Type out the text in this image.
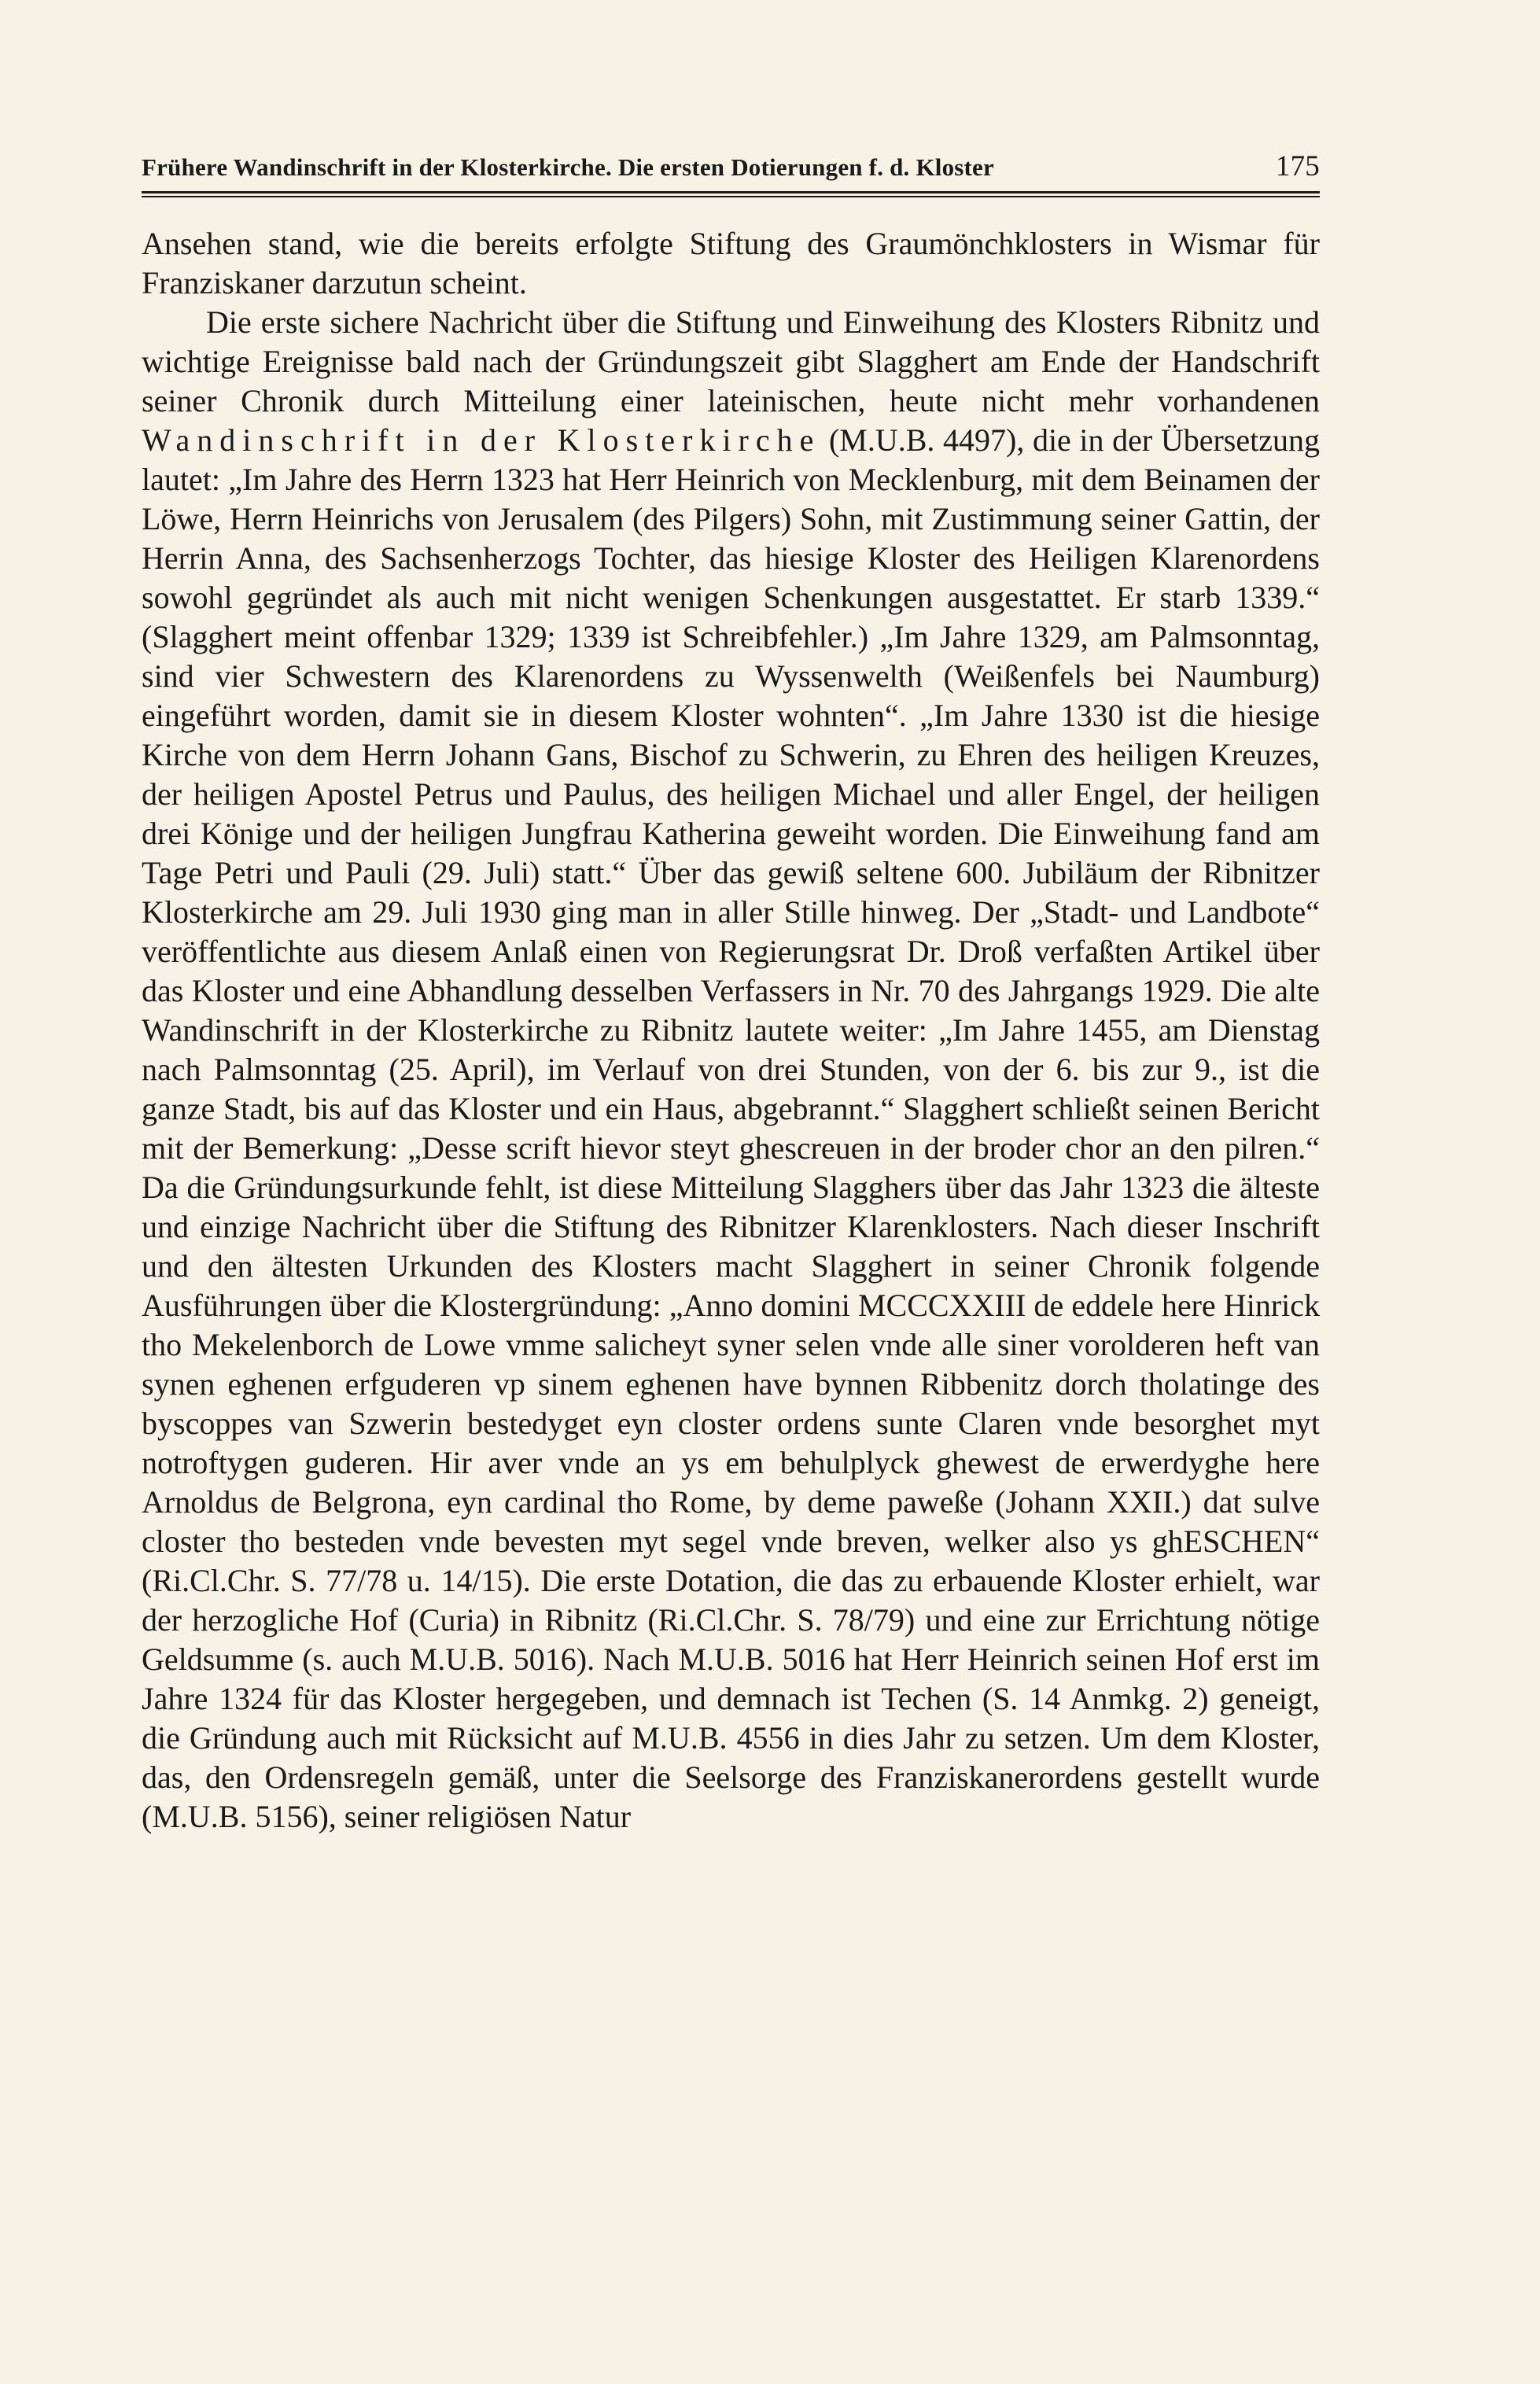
Frühere Wandinschrift in der Klosterkirche. Die ersten Dotierungen f. d. Kloster	175

Ansehen stand, wie die bereits erfolgte Stiftung des Graumönchklosters in Wismar für Franziskaner darzutun scheint.

Die erste sichere Nachricht über die Stiftung und Einweihung des Klosters Ribnitz und wichtige Ereignisse bald nach der Gründungszeit gibt Slagghert am Ende der Handschrift seiner Chronik durch Mitteilung einer lateinischen, heute nicht mehr vorhandenen Wandinschrift in der Klosterkirche (M.U.B. 4497), die in der Übersetzung lautet: „Im Jahre des Herrn 1323 hat Herr Heinrich von Mecklenburg, mit dem Beinamen der Löwe, Herrn Heinrichs von Jerusalem (des Pilgers) Sohn, mit Zustimmung seiner Gattin, der Herrin Anna, des Sachsenherzogs Tochter, das hiesige Kloster des Heiligen Klarenordens sowohl gegründet als auch mit nicht wenigen Schenkungen ausgestattet. Er starb 1339.“ (Slagghert meint offenbar 1329; 1339 ist Schreibfehler.) „Im Jahre 1329, am Palmsonntag, sind vier Schwestern des Klarenordens zu Wyssenwelth (Weißenfels bei Naumburg) eingeführt worden, damit sie in diesem Kloster wohnten“. „Im Jahre 1330 ist die hiesige Kirche von dem Herrn Johann Gans, Bischof zu Schwerin, zu Ehren des heiligen Kreuzes, der heiligen Apostel Petrus und Paulus, des heiligen Michael und aller Engel, der heiligen drei Könige und der heiligen Jungfrau Katherina geweiht worden. Die Einweihung fand am Tage Petri und Pauli (29. Juli) statt.“ Über das gewiß seltene 600. Jubiläum der Ribnitzer Klosterkirche am 29. Juli 1930 ging man in aller Stille hinweg. Der „Stadt- und Landbote“ veröffentlichte aus diesem Anlaß einen von Regierungsrat Dr. Droß verfaßten Artikel über das Kloster und eine Abhandlung desselben Verfassers in Nr. 70 des Jahrgangs 1929. Die alte Wandinschrift in der Klosterkirche zu Ribnitz lautete weiter: „Im Jahre 1455, am Dienstag nach Palmsonntag (25. April), im Verlauf von drei Stunden, von der 6. bis zur 9., ist die ganze Stadt, bis auf das Kloster und ein Haus, abgebrannt.“ Slagghert schließt seinen Bericht mit der Bemerkung: „Desse scrift hievor steyt ghescreuen in der broder chor an den pilren.“ Da die Gründungsurkunde fehlt, ist diese Mitteilung Slagghers über das Jahr 1323 die älteste und einzige Nachricht über die Stiftung des Ribnitzer Klarenklosters. Nach dieser Inschrift und den ältesten Urkunden des Klosters macht Slagghert in seiner Chronik folgende Ausführungen über die Klostergründung: „Anno domini MCCCXXIII de eddele here Hinrick tho Mekelenborch de Lowe vmme salicheyt syner selen vnde alle siner vorolderen heft van synen eghenen erfguderen vp sinem eghenen have bynnen Ribbenitz dorch tholatinge des byscoppes van Szwerin bestedyget eyn closter ordens sunte Claren vnde besorghet myt notroftygen guderen. Hir aver vnde an ys em behulplyck ghewest de erwerdyghe here Arnoldus de Belgrona, eyn cardinal tho Rome, by deme paweße (Johann XXII.) dat sulve closter tho besteden vnde bevesten myt segel vnde breven, welker also ys ghESCHEN“ (Ri.Cl.Chr. S. 77/78 u. 14/15). Die erste Dotation, die das zu erbauende Kloster erhielt, war der herzogliche Hof (Curia) in Ribnitz (Ri.Cl.Chr. S. 78/79) und eine zur Errichtung nötige Geldsumme (s. auch M.U.B. 5016). Nach M.U.B. 5016 hat Herr Heinrich seinen Hof erst im Jahre 1324 für das Kloster hergegeben, und demnach ist Techen (S. 14 Anmkg. 2) geneigt, die Gründung auch mit Rücksicht auf M.U.B. 4556 in dies Jahr zu setzen. Um dem Kloster, das, den Ordensregeln gemäß, unter die Seelsorge des Franziskanerordens gestellt wurde (M.U.B. 5156), seiner religiösen Natur
